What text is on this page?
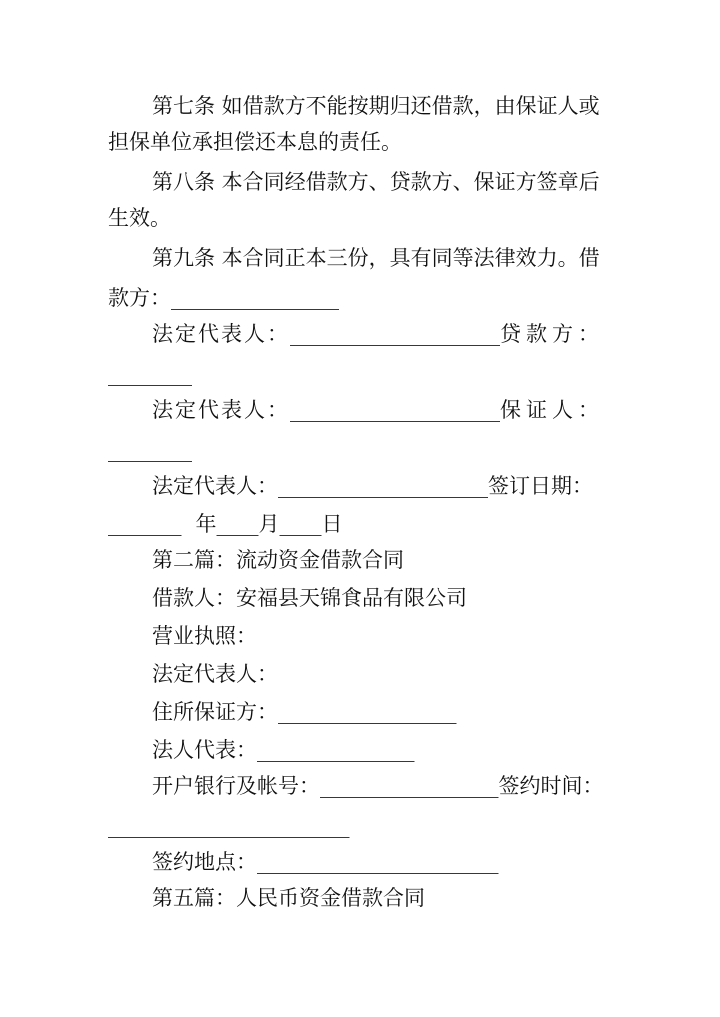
第七条 如借款方不能按期归还借款，由保证人或
担保单位承担偿还本息的责任。
第八条 本合同经借款方、贷款方、保证方签章后
生效。
第九条 本合同正本三份，具有同等法律效力。借
款方：________________
法定代表人：____________________贷款方：
________
法定代表人：____________________保证人：
________
法定代表人：____________________签订日期：
_______ 年____月____日
第二篇：流动资金借款合同
借款人：安福县天锦食品有限公司
营业执照：
法定代表人：
住所保证方：_________________
法人代表：_______________
开户银行及帐号：_________________签约时间：
_______________________
签约地点：_______________________
第五篇：人民币资金借款合同
